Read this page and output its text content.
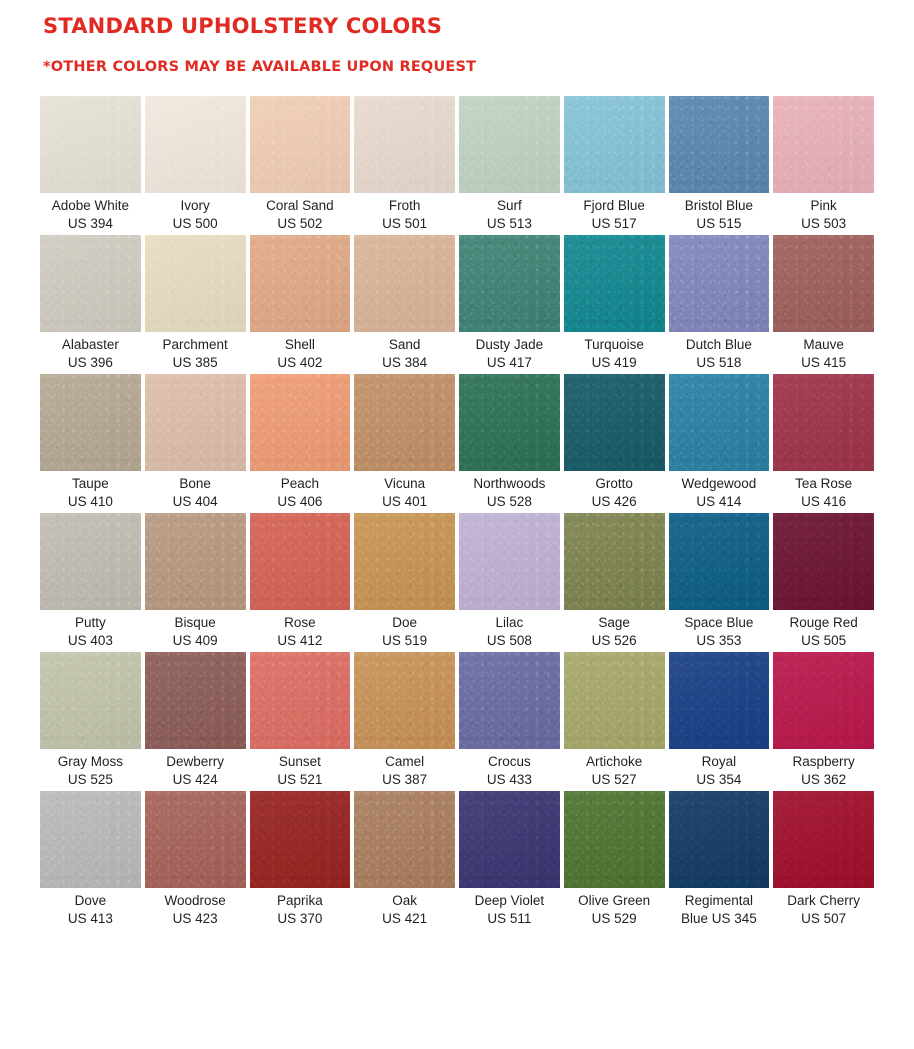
STANDARD UPHOLSTERY COLORS
*OTHER COLORS MAY BE AVAILABLE UPON REQUEST
Adobe White
US 394
Ivory
US 500
Coral Sand
US 502
Froth
US 501
Surf
US 513
Fjord Blue
US 517
Bristol Blue
US 515
Pink
US 503
Alabaster
US 396
Parchment
US 385
Shell
US 402
Sand
US 384
Dusty Jade
US 417
Turquoise
US 419
Dutch Blue
US 518
Mauve
US 415
Taupe
US 410
Bone
US 404
Peach
US 406
Vicuna
US 401
Northwoods
US 528
Grotto
US 426
Wedgewood
US 414
Tea Rose
US 416
Putty
US 403
Bisque
US 409
Rose
US 412
Doe
US 519
Lilac
US 508
Sage
US 526
Space Blue
US 353
Rouge Red
US 505
Gray Moss
US 525
Dewberry
US 424
Sunset
US 521
Camel
US 387
Crocus
US 433
Artichoke
US 527
Royal
US 354
Raspberry
US 362
Dove
US 413
Woodrose
US 423
Paprika
US 370
Oak
US 421
Deep Violet
US 511
Olive Green
US 529
Regimental
Blue US 345
Dark Cherry
US 507
